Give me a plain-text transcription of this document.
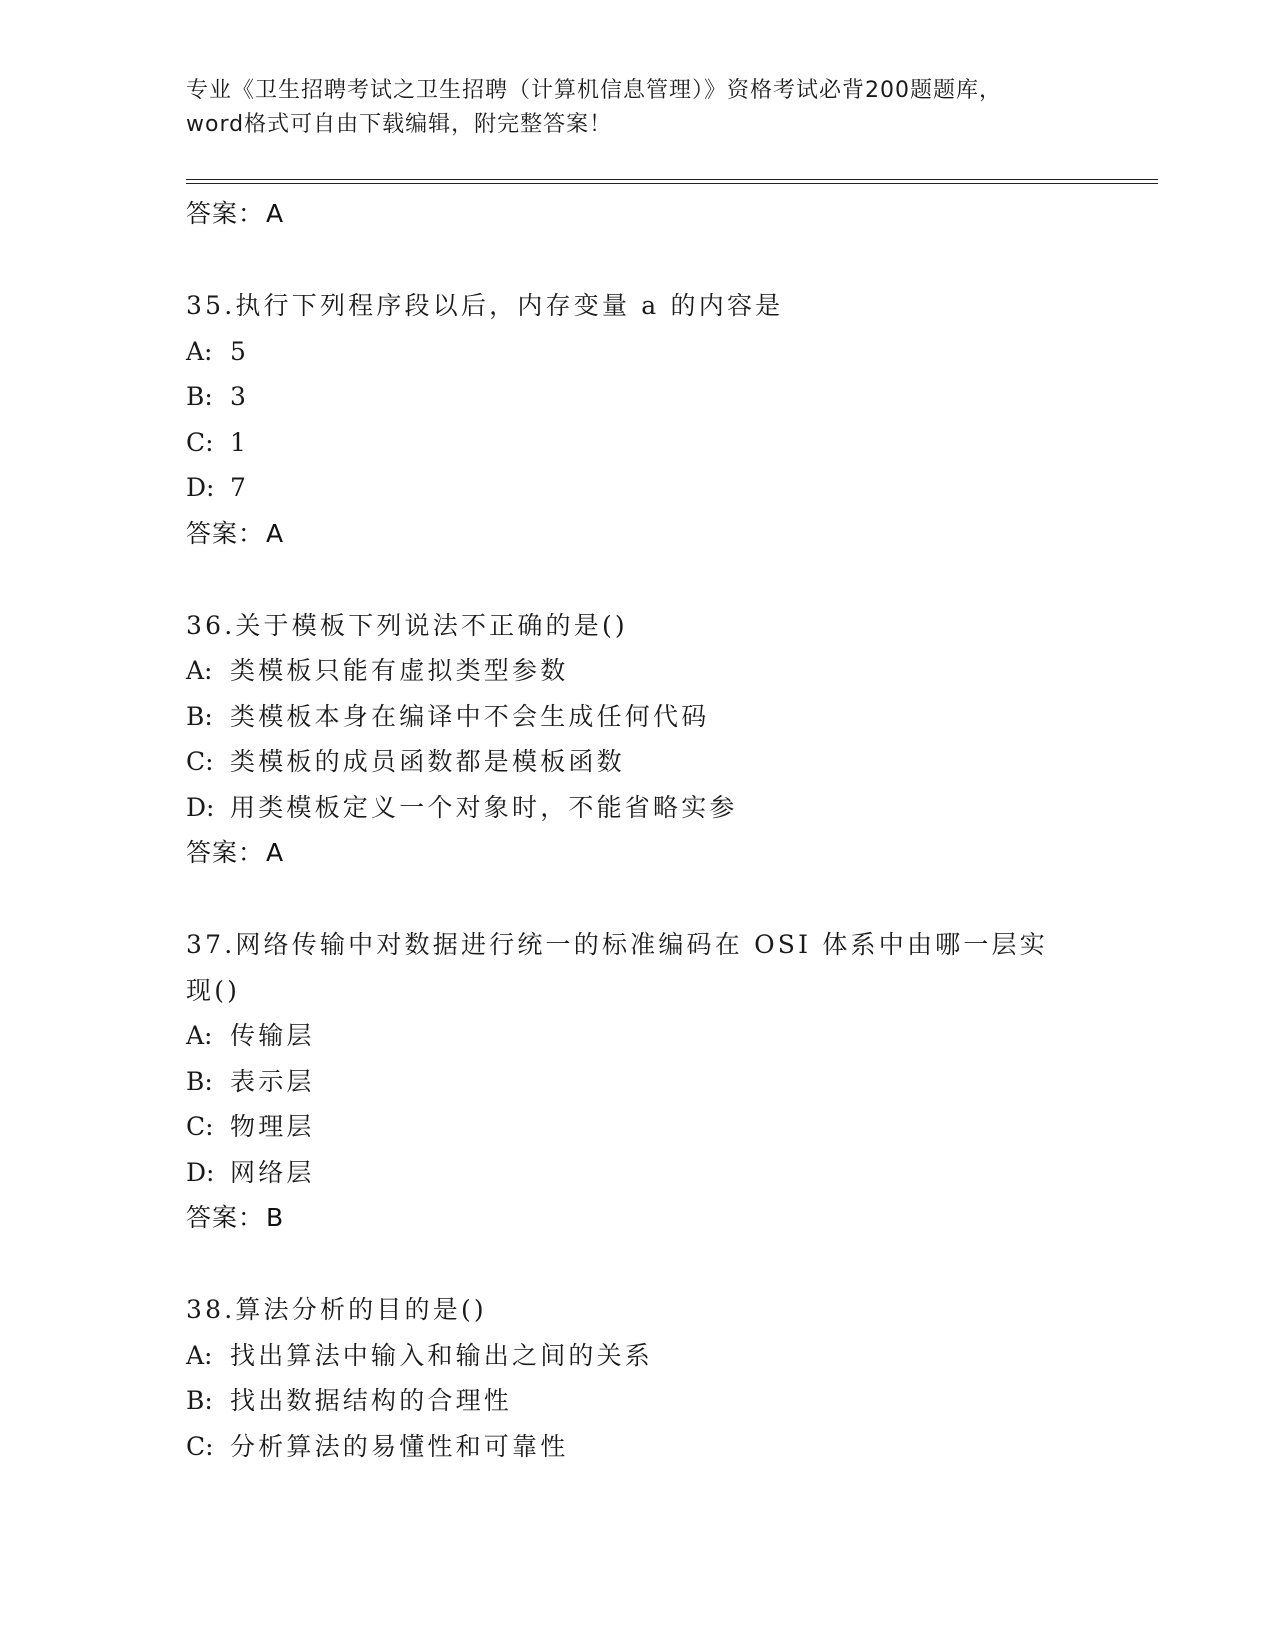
专业《卫生招聘考试之卫生招聘（计算机信息管理）》资格考试必背200题题库，
word格式可自由下载编辑，附完整答案！
答案：A
35.执行下列程序段以后，内存变量 a 的内容是
A: 5
B: 3
C: 1
D: 7
答案：A
36.关于模板下列说法不正确的是()
A: 类模板只能有虚拟类型参数
B: 类模板本身在编译中不会生成任何代码
C: 类模板的成员函数都是模板函数
D: 用类模板定义一个对象时，不能省略实参
答案：A
37.网络传输中对数据进行统一的标准编码在 OSI 体系中由哪一层实现()
A: 传输层
B: 表示层
C: 物理层
D: 网络层
答案：B
38.算法分析的目的是()
A: 找出算法中输入和输出之间的关系
B: 找出数据结构的合理性
C: 分析算法的易懂性和可靠性
